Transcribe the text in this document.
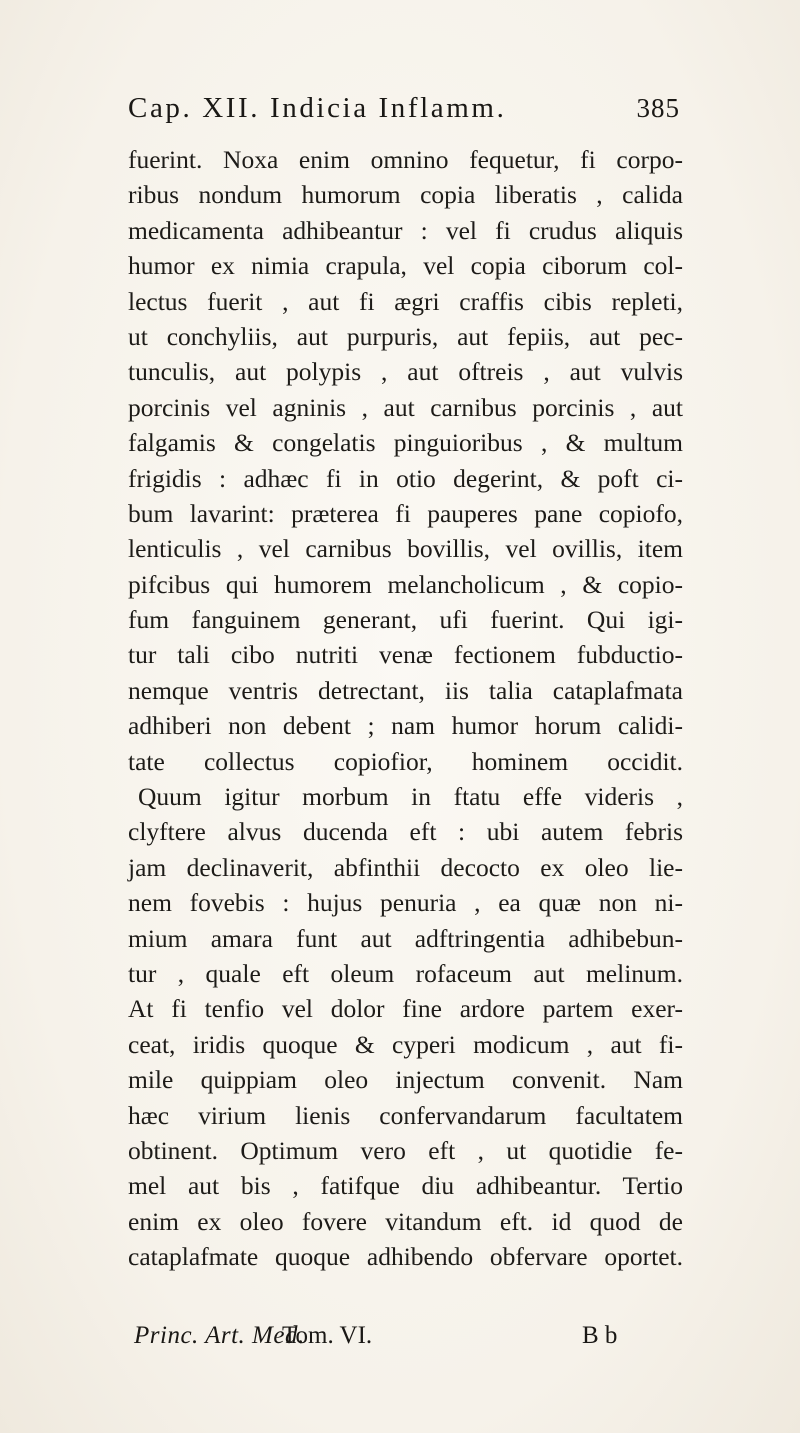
Cap. XII. Indicia Inflamm.	385
fuerint. Noxa enim omnino fequetur, fi corpo-
ribus nondum humorum copia liberatis , calida
medicamenta adhibeantur : vel fi crudus aliquis
humor ex nimia crapula, vel copia ciborum col-
lectus fuerit , aut fi ægri craffis cibis repleti,
ut conchyliis, aut purpuris, aut fepiis, aut pec-
tunculis, aut polypis , aut oftreis , aut vulvis
porcinis vel agninis , aut carnibus porcinis , aut
falgamis & congelatis pinguioribus , & multum
frigidis : adhæc fi in otio degerint, & poft ci-
bum lavarint: præterea fi pauperes pane copiofo,
lenticulis , vel carnibus bovillis, vel ovillis, item
pifcibus qui humorem melancholicum , & copio-
fum fanguinem generant, ufi fuerint. Qui igi-
tur tali cibo nutriti venæ fectionem fubductio-
nemque ventris detrectant, iis talia cataplafmata
adhiberi non debent ; nam humor horum calidi-
tate collectus copiofior, hominem occidit.
Quum igitur morbum in ftatu effe videris ,
clyftere alvus ducenda eft : ubi autem febris
jam declinaverit, abfinthii decocto ex oleo lie-
nem fovebis : hujus penuria , ea quæ non ni-
mium amara funt aut adftringentia adhibebun-
tur , quale eft oleum rofaceum aut melinum.
At fi tenfio vel dolor fine ardore partem exer-
ceat, iridis quoque & cyperi modicum , aut fi-
mile quippiam oleo injectum convenit. Nam
hæc virium lienis confervandarum facultatem
obtinent. Optimum vero eft , ut quotidie fe-
mel aut bis , fatifque diu adhibeantur. Tertio
enim ex oleo fovere vitandum eft. id quod de
cataplafmate quoque adhibendo obfervare oportet.
Princ. Art. Med.
Tom. VI.	B b
